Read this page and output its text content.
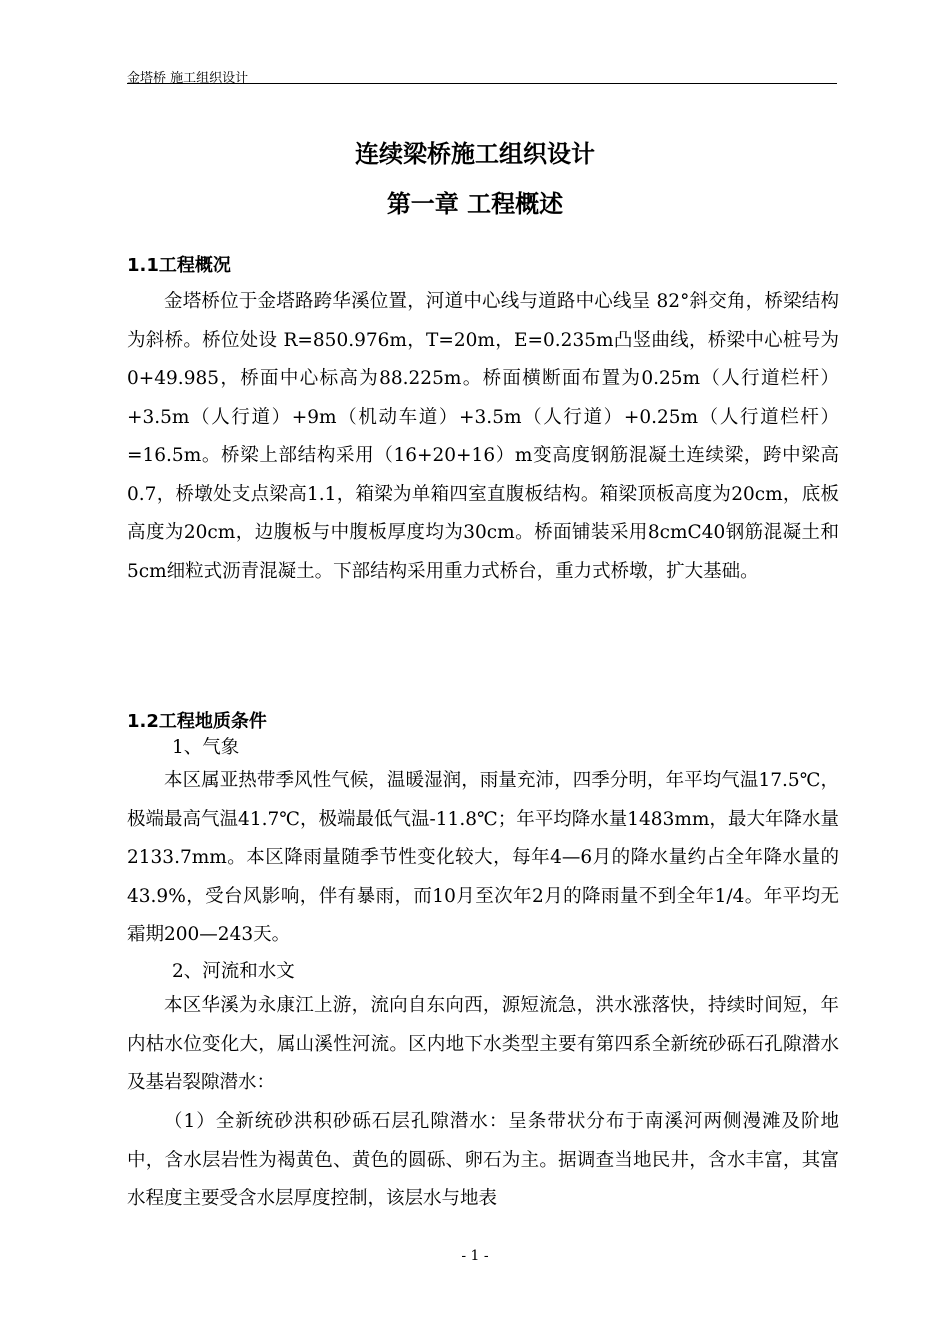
金塔桥 施工组织设计
连续梁桥施工组织设计
第一章 工程概述
1.1工程概况

金塔桥位于金塔路跨华溪位置，河道中心线与道路中心线呈 82°斜交角，桥梁结构为斜桥。桥位处设 R=850.976m，T=20m，E=0.235m凸竖曲线，桥梁中心桩号为0+49.985，桥面中心标高为88.225m。桥面横断面布置为0.25m（人行道栏杆）+3.5m（人行道）+9m（机动车道）+3.5m（人行道）+0.25m（人行道栏杆）=16.5m。桥梁上部结构采用（16+20+16）m变高度钢筋混凝土连续梁，跨中梁高0.7，桥墩处支点梁高1.1，箱梁为单箱四室直腹板结构。箱梁顶板高度为20cm，底板高度为20cm，边腹板与中腹板厚度均为30cm。桥面铺装采用8cmC40钢筋混凝土和5cm细粒式沥青混凝土。下部结构采用重力式桥台，重力式桥墩，扩大基础。

1.2工程地质条件
1、气象

本区属亚热带季风性气候，温暖湿润，雨量充沛，四季分明，年平均气温17.5℃，极端最高气温41.7℃，极端最低气温-11.8℃；年平均降水量1483mm，最大年降水量2133.7mm。本区降雨量随季节性变化较大，每年4—6月的降水量约占全年降水量的43.9%，受台风影响，伴有暴雨，而10月至次年2月的降雨量不到全年1/4。年平均无霜期200—243天。

2、河流和水文

本区华溪为永康江上游，流向自东向西，源短流急，洪水涨落快，持续时间短，年内枯水位变化大，属山溪性河流。区内地下水类型主要有第四系全新统砂砾石孔隙潜水及基岩裂隙潜水：

（1）全新统砂洪积砂砾石层孔隙潜水：呈条带状分布于南溪河两侧漫滩及阶地中，含水层岩性为褐黄色、黄色的圆砾、卵石为主。据调查当地民井，含水丰富，其富水程度主要受含水层厚度控制，该层水与地表

- 1 -
